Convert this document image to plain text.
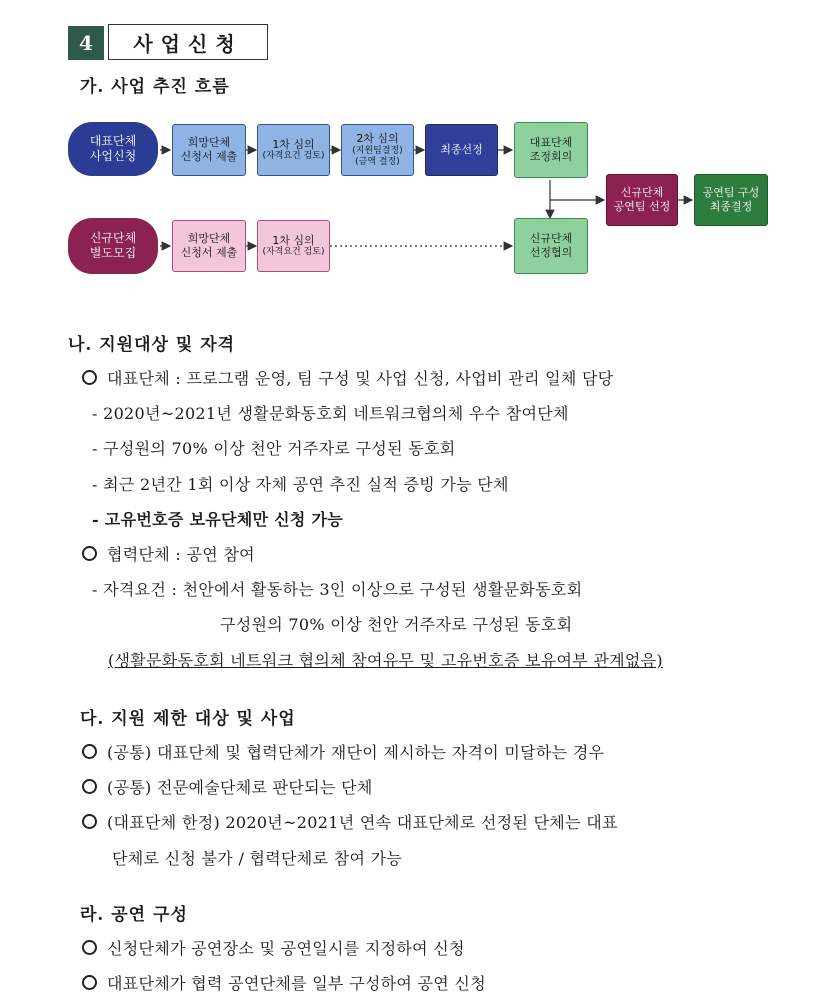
4	사업신청
가. 사업 추진 흐름
대표단체
사업신청
희망단체
신청서 제출
1차 심의
(자격요건 검토)
2차 심의
(지원팀결정)
(금액 결정)
최종선정
대표단체
조정회의
신규단체
공연팀 선정
공연팀 구성
최종결정
신규단체
별도모집
희망단체
신청서 제출
1차 심의
(자격요건 검토)
신규단체
선정협의
나. 지원대상 및 자격
대표단체 : 프로그램 운영, 팀 구성 및 사업 신청, 사업비 관리 일체 담당
- 2020년~2021년 생활문화동호회 네트워크협의체 우수 참여단체
- 구성원의 70% 이상 천안 거주자로 구성된 동호회
- 최근 2년간 1회 이상 자체 공연 추진 실적 증빙 가능 단체
- 고유번호증 보유단체만 신청 가능
협력단체 : 공연 참여
- 자격요건 : 천안에서 활동하는 3인 이상으로 구성된 생활문화동호회
구성원의 70% 이상 천안 거주자로 구성된 동호회
(생활문화동호회 네트워크 협의체 참여유무 및 고유번호증 보유여부 관계없음)
다. 지원 제한 대상 및 사업
(공통) 대표단체 및 협력단체가 재단이 제시하는 자격이 미달하는 경우
(공통) 전문예술단체로 판단되는 단체
(대표단체 한정) 2020년~2021년 연속 대표단체로 선정된 단체는 대표
단체로 신청 불가 / 협력단체로 참여 가능
라. 공연 구성
신청단체가 공연장소 및 공연일시를 지정하여 신청
대표단체가 협력 공연단체를 일부 구성하여 공연 신청
